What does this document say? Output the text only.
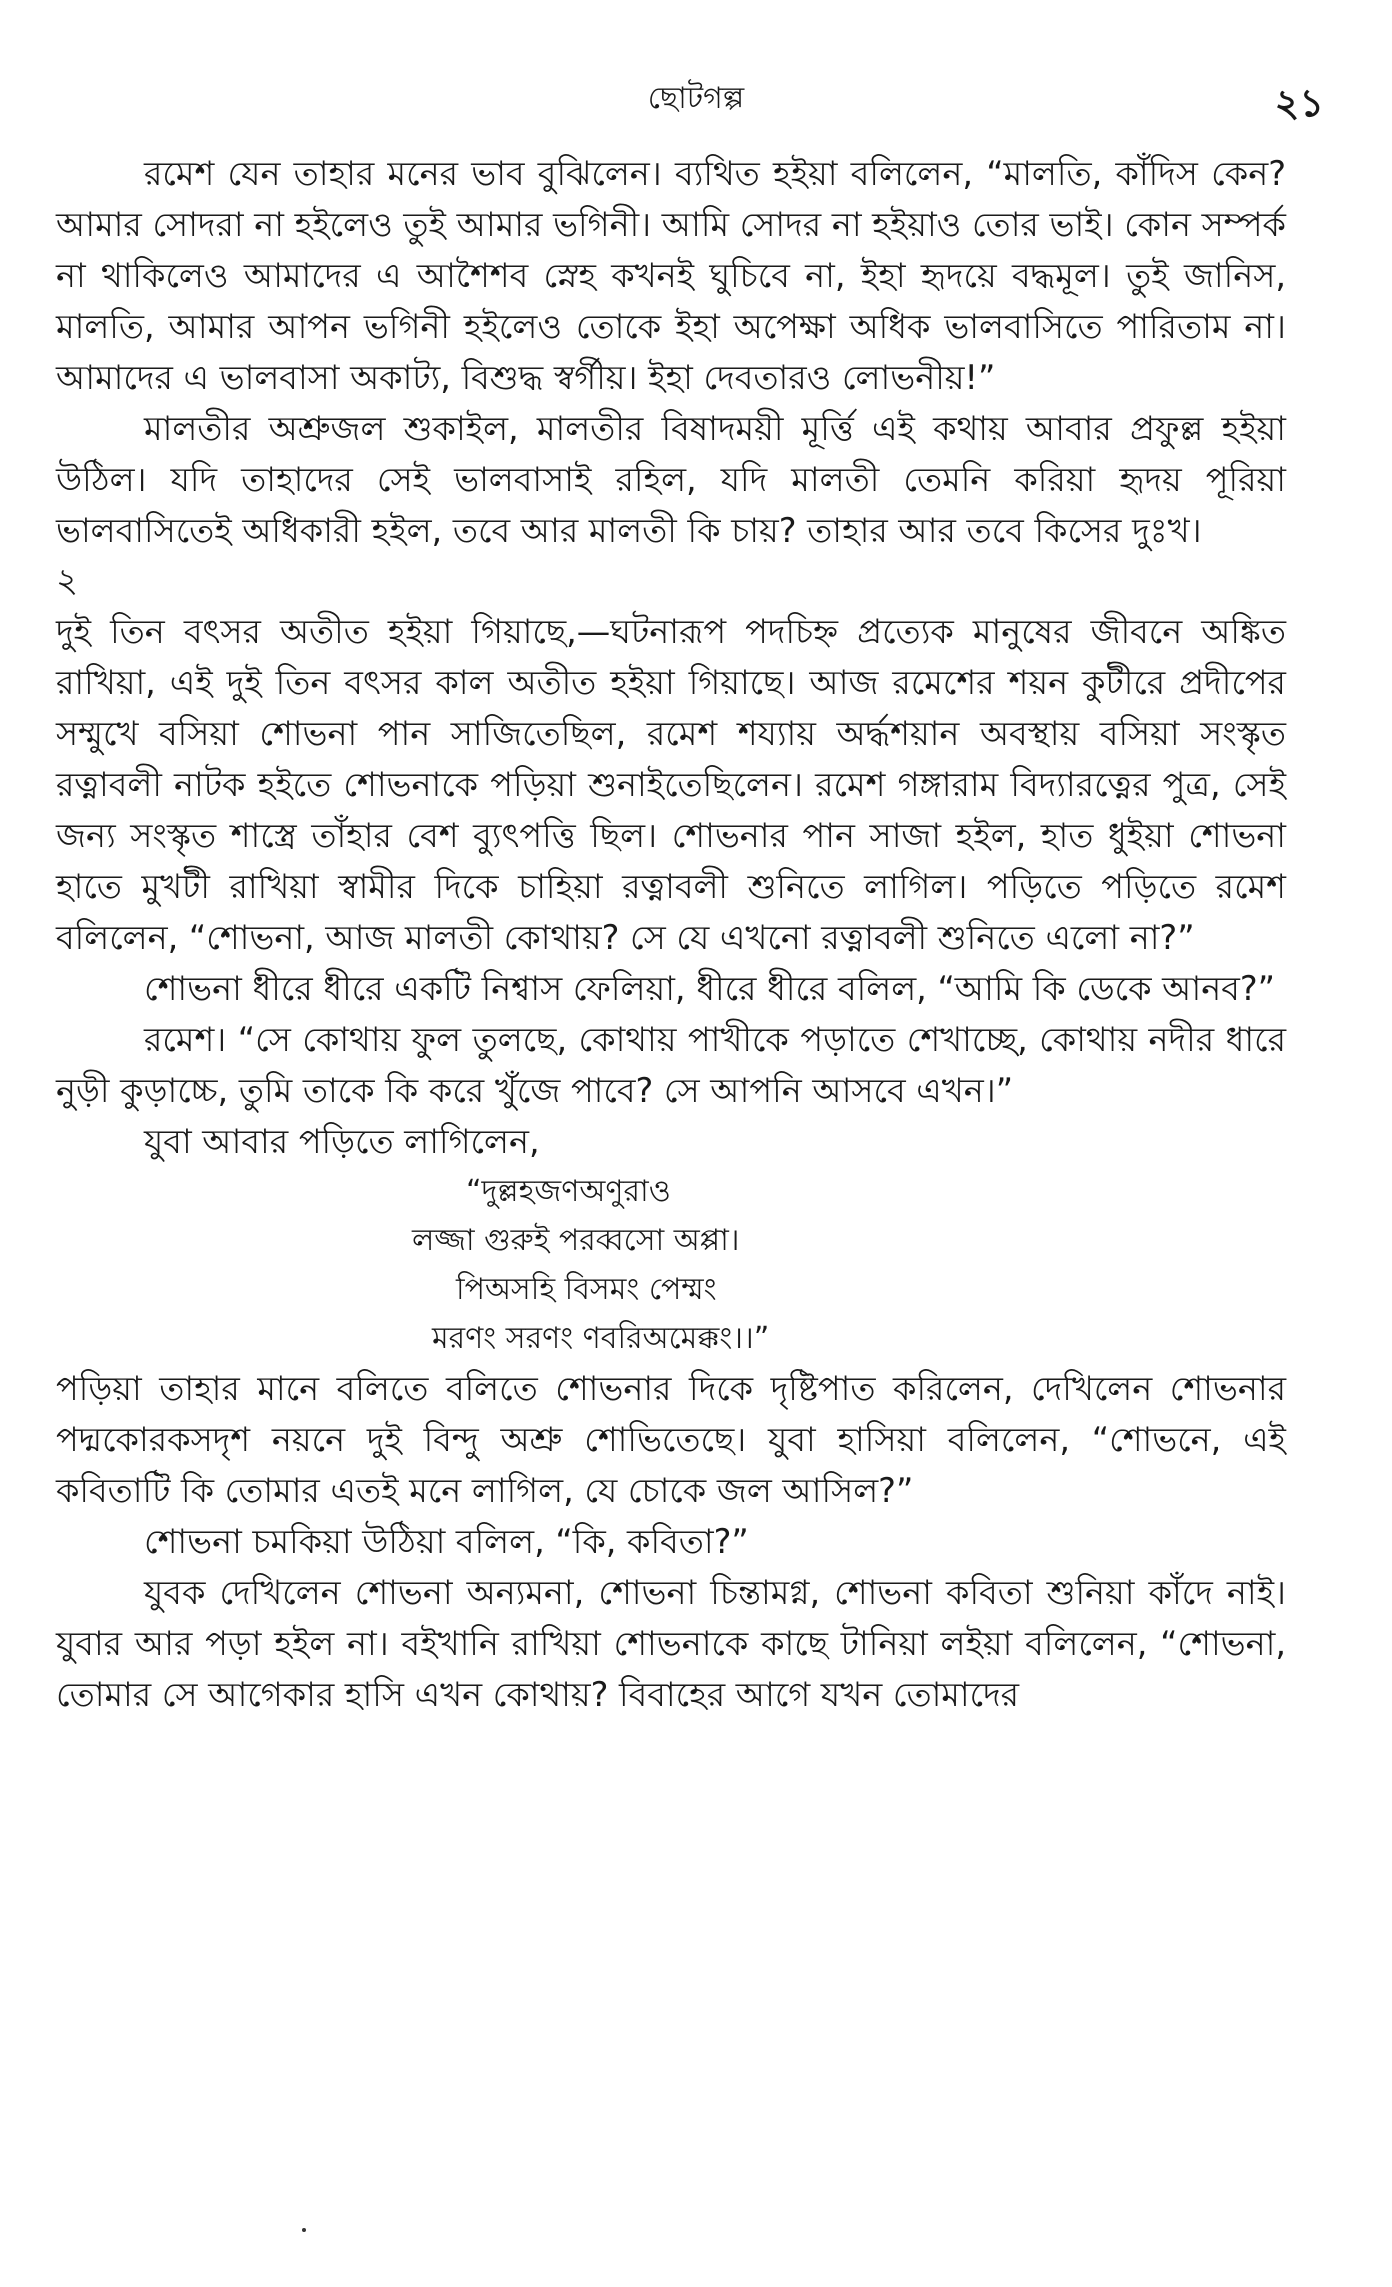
ছোটগল্প	২১

রমেশ যেন তাহার মনের ভাব বুঝিলেন। ব্যথিত হইয়া বলিলেন, “মালতি, কাঁদিস কেন? আমার সোদরা না হইলেও তুই আমার ভগিনী। আমি সোদর না হইয়াও তোর ভাই। কোন সম্পর্ক না থাকিলেও আমাদের এ আশৈশব স্নেহ কখনই ঘুচিবে না, ইহা হৃদয়ে বদ্ধমূল। তুই জানিস, মালতি, আমার আপন ভগিনী হইলেও তোকে ইহা অপেক্ষা অধিক ভালবাসিতে পারিতাম না। আমাদের এ ভালবাসা অকাট্য, বিশুদ্ধ স্বর্গীয়। ইহা দেবতারও লোভনীয়!”

মালতীর অশ্রুজল শুকাইল, মালতীর বিষাদময়ী মূর্ত্তি এই কথায় আবার প্রফুল্ল হইয়া উঠিল। যদি তাহাদের সেই ভালবাসাই রহিল, যদি মালতী তেমনি করিয়া হৃদয় পূরিয়া ভালবাসিতেই অধিকারী হইল, তবে আর মালতী কি চায়? তাহার আর তবে কিসের দুঃখ।

২

দুই তিন বৎসর অতীত হইয়া গিয়াছে,—ঘটনারূপ পদচিহ্ন প্রত্যেক মানুষের জীবনে অঙ্কিত রাখিয়া, এই দুই তিন বৎসর কাল অতীত হইয়া গিয়াছে। আজ রমেশের শয়ন কুটীরে প্রদীপের সম্মুখে বসিয়া শোভনা পান সাজিতেছিল, রমেশ শয্যায় অৰ্দ্ধশয়ান অবস্থায় বসিয়া সংস্কৃত রত্নাবলী নাটক হইতে শোভনাকে পড়িয়া শুনাইতেছিলেন। রমেশ গঙ্গারাম বিদ্যারত্নের পুত্র, সেই জন্য সংস্কৃত শাস্ত্রে তাঁহার বেশ ব্যুৎপত্তি ছিল। শোভনার পান সাজা হইল, হাত ধুইয়া শোভনা হাতে মুখটী রাখিয়া স্বামীর দিকে চাহিয়া রত্নাবলী শুনিতে লাগিল। পড়িতে পড়িতে রমেশ বলিলেন, “শোভনা, আজ মালতী কোথায়? সে যে এখনো রত্নাবলী শুনিতে এলো না?”

শোভনা ধীরে ধীরে একটি নিশ্বাস ফেলিয়া, ধীরে ধীরে বলিল, “আমি কি ডেকে আনব?”

রমেশ। “সে কোথায় ফুল তুলছে, কোথায় পাখীকে পড়াতে শেখাচ্ছে, কোথায় নদীর ধারে নুড়ী কুড়াচ্চে, তুমি তাকে কি করে খুঁজে পাবে? সে আপনি আসবে এখন।”

যুবা আবার পড়িতে লাগিলেন,

“দুল্লহজণঅণুরাও
লজ্জা গুরুই পরব্বসো অপ্পা।
পিঅসহি বিসমং পেম্মং
মরণং সরণং ণবরিঅমেক্কং।।”

পড়িয়া তাহার মানে বলিতে বলিতে শোভনার দিকে দৃষ্টিপাত করিলেন, দেখিলেন শোভনার পদ্মকোরকসদৃশ নয়নে দুই বিন্দু অশ্রু শোভিতেছে। যুবা হাসিয়া বলিলেন, “শোভনে, এই কবিতাটি কি তোমার এতই মনে লাগিল, যে চোকে জল আসিল?”

শোভনা চমকিয়া উঠিয়া বলিল, “কি, কবিতা?”

যুবক দেখিলেন শোভনা অন্যমনা, শোভনা চিন্তামগ্ন, শোভনা কবিতা শুনিয়া কাঁদে নাই। যুবার আর পড়া হইল না। বইখানি রাখিয়া শোভনাকে কাছে টানিয়া লইয়া বলিলেন, “শোভনা, তোমার সে আগেকার হাসি এখন কোথায়? বিবাহের আগে যখন তোমাদের
